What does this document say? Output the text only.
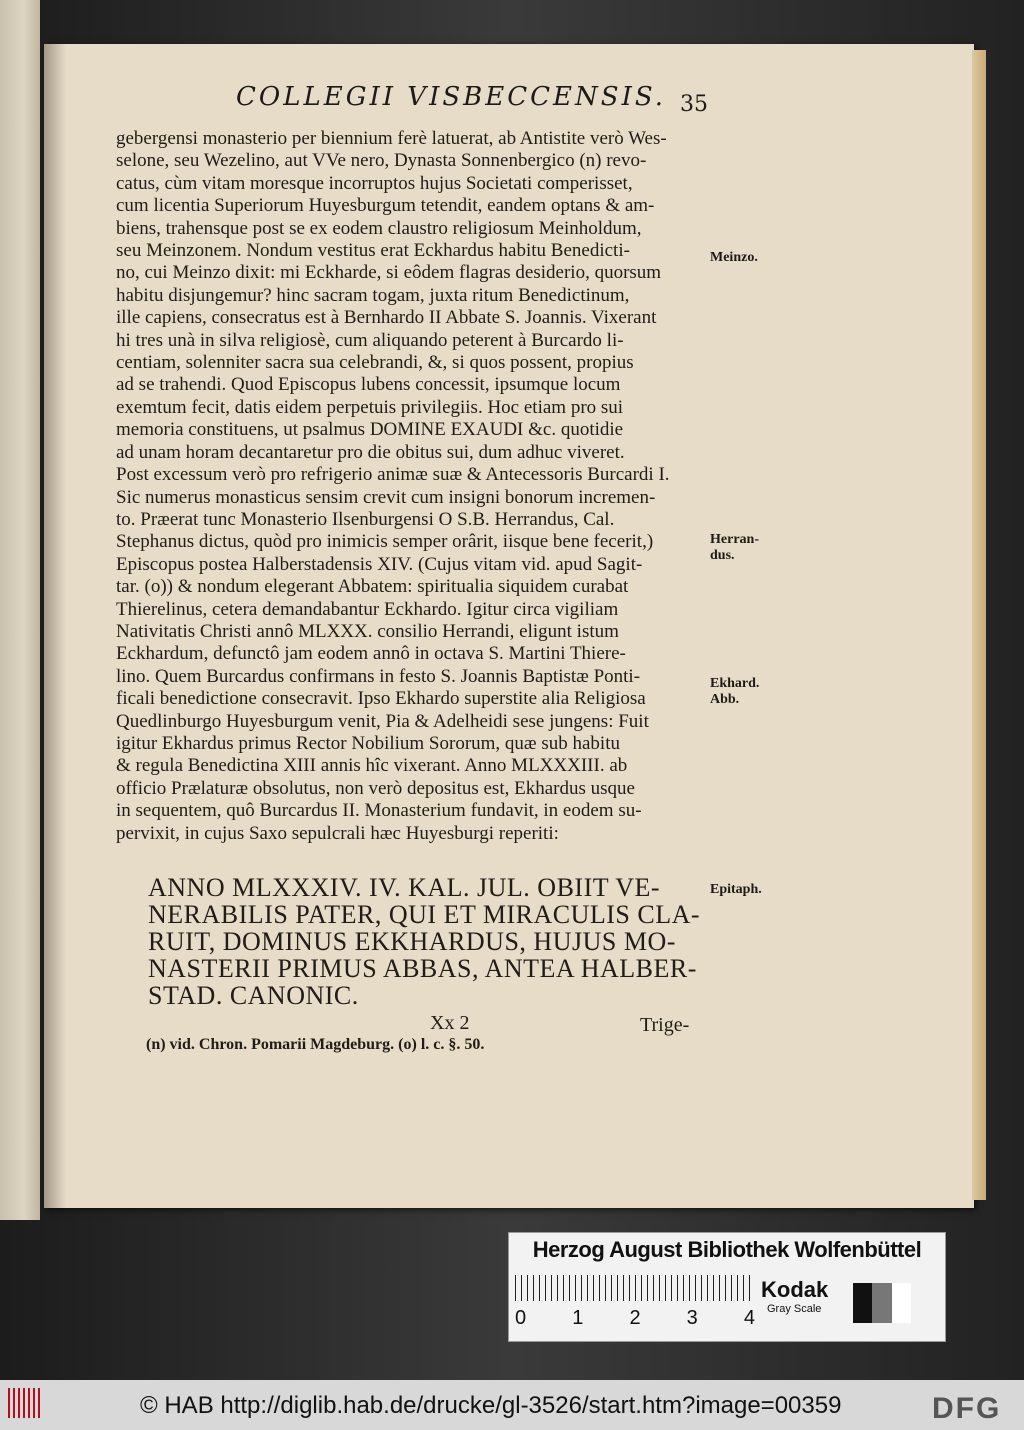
COLLEGII VISBECCENSIS. 35
gebergensi monasterio per biennium ferè latuerat, ab Antistite verò Wes-
selone, seu Wezelino, aut VVe nero, Dynasta Sonnenbergico (n) revo-
catus, cùm vitam moresque incorruptos hujus Societati comperisset,
cum licentia Superiorum Huyesburgum tetendit, eandem optans & am-
biens, trahensque post se ex eodem claustro religiosum Meinholdum,
seu Meinzonem. Nondum vestitus erat Eckhardus habitu Benedicti-
no, cui Meinzo dixit: mi Eckharde, si eôdem flagras desiderio, quorsum
habitu disjungemur? hinc sacram togam, juxta ritum Benedictinum,
ille capiens, consecratus est à Bernhardo II Abbate S. Joannis. Vixerant
hi tres unà in silva religiosè, cum aliquando peterent à Burcardo li-
centiam, solenniter sacra sua celebrandi, &, si quos possent, propius
ad se trahendi. Quod Episcopus lubens concessit, ipsumque locum
exemtum fecit, datis eidem perpetuis privilegiis. Hoc etiam pro sui
memoria constituens, ut psalmus DOMINE EXAUDI &c. quotidie
ad unam horam decantaretur pro die obitus sui, dum adhuc viveret.
Post excessum verò pro refrigerio animæ suæ & Antecessoris Burcardi I.
Sic numerus monasticus sensim crevit cum insigni bonorum incremen-
to. Præerat tunc Monasterio Ilsenburgensi O S.B. Herrandus, Cal.
Stephanus dictus, quòd pro inimicis semper orârit, iisque bene fecerit,)
Episcopus postea Halberstadensis XIV. (Cujus vitam vid. apud Sagit-
tar. (o)) & nondum elegerant Abbatem: spiritualia siquidem curabat
Thierelinus, cetera demandabantur Eckhardo. Igitur circa vigiliam
Nativitatis Christi annô MLXXX. consilio Herrandi, eligunt istum
Eckhardum, defunctô jam eodem annô in octava S. Martini Thiere-
lino. Quem Burcardus confirmans in festo S. Joannis Baptistæ Ponti-
ficali benedictione consecravit. Ipso Ekhardo superstite alia Religiosa
Quedlinburgo Huyesburgum venit, Pia & Adelheidi sese jungens: Fuit
igitur Ekhardus primus Rector Nobilium Sororum, quæ sub habitu
& regula Benedictina XIII annis hîc vixerant. Anno MLXXXIII. ab
officio Prælaturæ obsolutus, non verò depositus est, Ekhardus usque
in sequentem, quô Burcardus II. Monasterium fundavit, in eodem su-
pervixit, in cujus Saxo sepulcrali hæc Huyesburgi reperiti:
ANNO MLXXXIV. IV. KAL. JUL. OBIIT VE-
NERABILIS PATER, QUI ET MIRACULIS CLA-
RUIT, DOMINUS EKKHARDUS, HUJUS MO-
NASTERII PRIMUS ABBAS, ANTEA HALBER-
STAD. CANONIC.
Meinzo.
Herran-dus.
Ekhard. Abb.
Epitaph.
Xx 2	Trige-
(n) vid. Chron. Pomarii Magdeburg. (o) l. c. §. 50.
Herzog August Bibliothek Wolfenbüttel
0 1 2 3 4
Kodak
Gray Scale
© HAB http://diglib.hab.de/drucke/gl-3526/start.htm?image=00359	DFG
